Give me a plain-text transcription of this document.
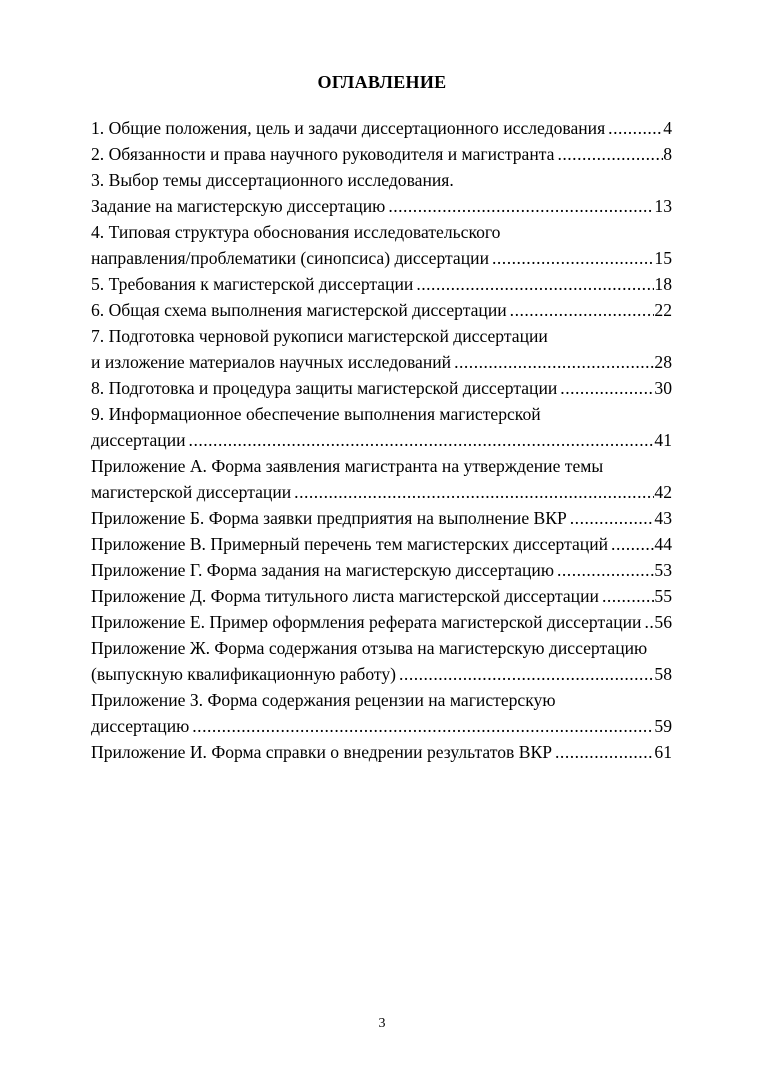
ОГЛАВЛЕНИЕ
1. Общие положения, цель и задачи диссертационного исследования .....	4
2. Обязанности и права научного руководителя и магистранта .....	8
3. Выбор темы диссертационного исследования.
Задание на магистерскую диссертацию .....	13
4. Типовая структура обоснования исследовательского
направления/проблематики (синопсиса) диссертации .....	15
5. Требования к магистерской диссертации .....	18
6. Общая схема выполнения магистерской диссертации .....	22
7. Подготовка черновой рукописи магистерской диссертации
и изложение материалов научных исследований .....	28
8. Подготовка и процедура защиты магистерской диссертации .....	30
9. Информационное обеспечение выполнения магистерской
диссертации .....	41
Приложение А. Форма заявления магистранта на утверждение темы
магистерской диссертации .....	42
Приложение Б. Форма заявки предприятия на выполнение ВКР .....	43
Приложение В. Примерный перечень тем магистерских диссертаций .....	44
Приложение Г. Форма задания на магистерскую диссертацию .....	53
Приложение Д. Форма титульного листа магистерской диссертации .....	55
Приложение Е. Пример оформления реферата магистерской диссертации ..... 56
Приложение Ж. Форма содержания отзыва на магистерскую диссертацию
(выпускную квалификационную работу) .....	58
Приложение З. Форма содержания рецензии на магистерскую
диссертацию .....	59
Приложение И. Форма справки о внедрении результатов ВКР .....	61
3
